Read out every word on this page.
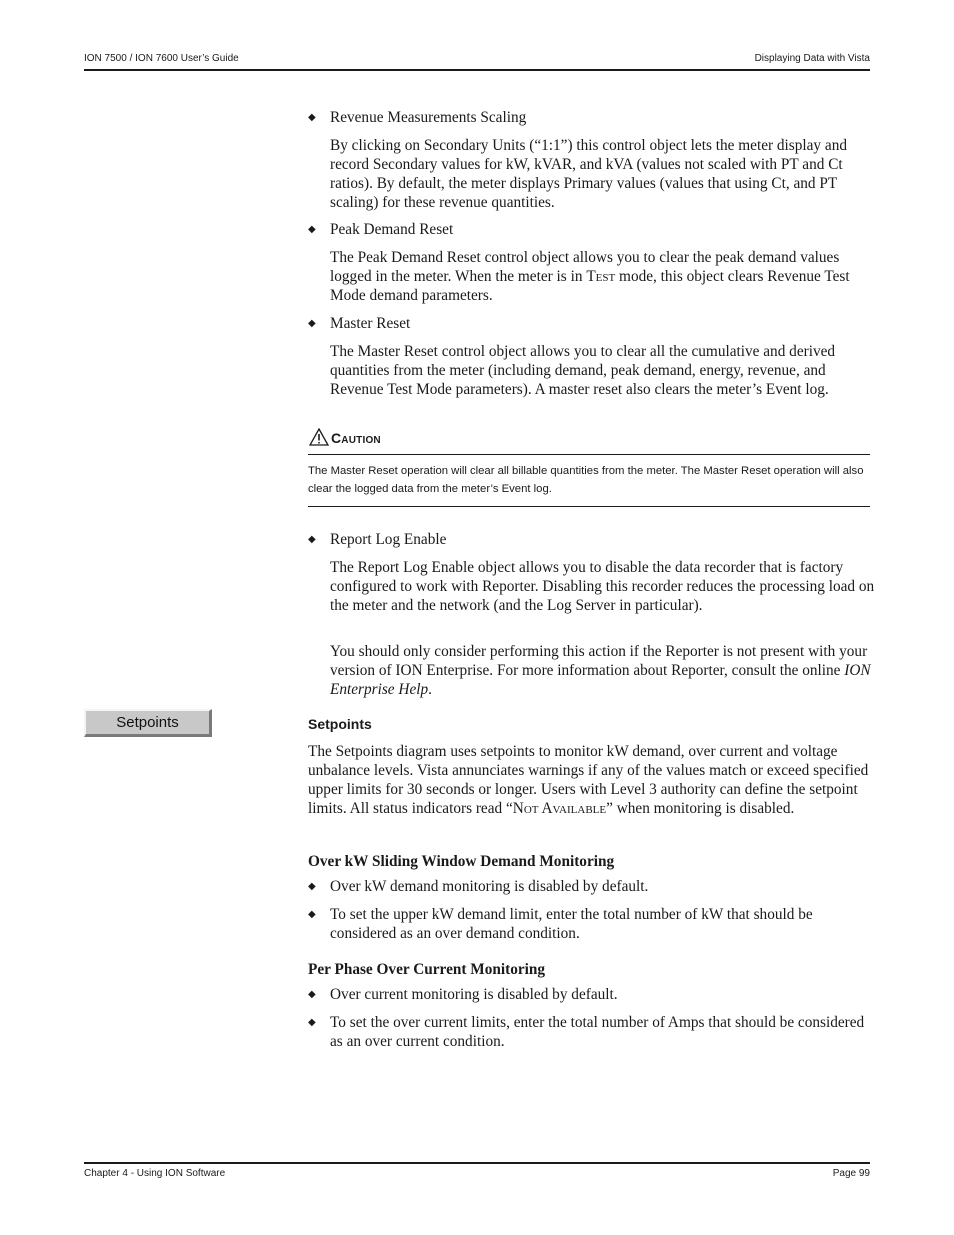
ION 7500 / ION 7600 User’s Guide	Displaying Data with Vista
Revenue Measurements Scaling
By clicking on Secondary Units (“1:1”) this control object lets the meter display and record Secondary values for kW, kVAR, and kVA (values not scaled with PT and Ct ratios). By default, the meter displays Primary values (values that using Ct, and PT scaling) for these revenue quantities.
Peak Demand Reset
The Peak Demand Reset control object allows you to clear the peak demand values logged in the meter. When the meter is in Test mode, this object clears Revenue Test Mode demand parameters.
Master Reset
The Master Reset control object allows you to clear all the cumulative and derived quantities from the meter (including demand, peak demand, energy, revenue, and Revenue Test Mode parameters). A master reset also clears the meter’s Event log.
Caution
The Master Reset operation will clear all billable quantities from the meter. The Master Reset operation will also clear the logged data from the meter’s Event log.
Report Log Enable
The Report Log Enable object allows you to disable the data recorder that is factory configured to work with Reporter. Disabling this recorder reduces the processing load on the meter and the network (and the Log Server in particular).
You should only consider performing this action if the Reporter is not present with your version of ION Enterprise. For more information about Reporter, consult the online ION Enterprise Help.
Setpoints	Setpoints
The Setpoints diagram uses setpoints to monitor kW demand, over current and voltage unbalance levels. Vista annunciates warnings if any of the values match or exceed specified upper limits for 30 seconds or longer. Users with Level 3 authority can define the setpoint limits. All status indicators read “Not Available” when monitoring is disabled.
Over kW Sliding Window Demand Monitoring
◆ Over kW demand monitoring is disabled by default.
◆ To set the upper kW demand limit, enter the total number of kW that should be considered as an over demand condition.
Per Phase Over Current Monitoring
◆ Over current monitoring is disabled by default.
◆ To set the over current limits, enter the total number of Amps that should be considered as an over current condition.
Chapter 4 - Using ION Software	Page 99
